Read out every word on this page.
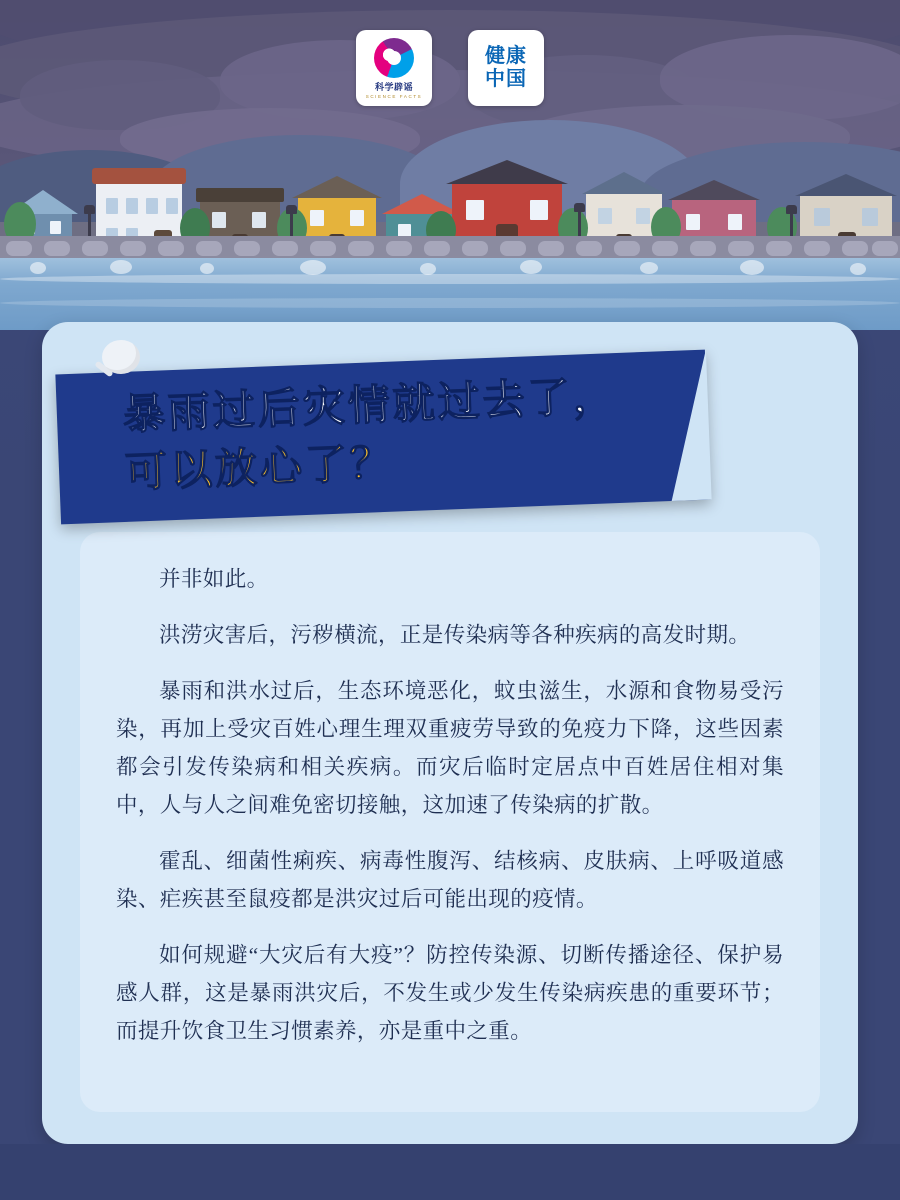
科学辟谣
SCIENCE FACTS
健康
中国
暴雨过后灾情就过去了，
可以放心了？

并非如此。

洪涝灾害后，污秽横流，正是传染病等各种疾病的高发时期。

暴雨和洪水过后，生态环境恶化，蚊虫滋生，水源和食物易受污染，再加上受灾百姓心理生理双重疲劳导致的免疫力下降，这些因素都会引发传染病和相关疾病。而灾后临时定居点中百姓居住相对集中，人与人之间难免密切接触，这加速了传染病的扩散。

霍乱、细菌性痢疾、病毒性腹泻、结核病、皮肤病、上呼吸道感染、疟疾甚至鼠疫都是洪灾过后可能出现的疫情。

如何规避“大灾后有大疫”？防控传染源、切断传播途径、保护易感人群，这是暴雨洪灾后，不发生或少发生传染病疾患的重要环节；而提升饮食卫生习惯素养，亦是重中之重。
